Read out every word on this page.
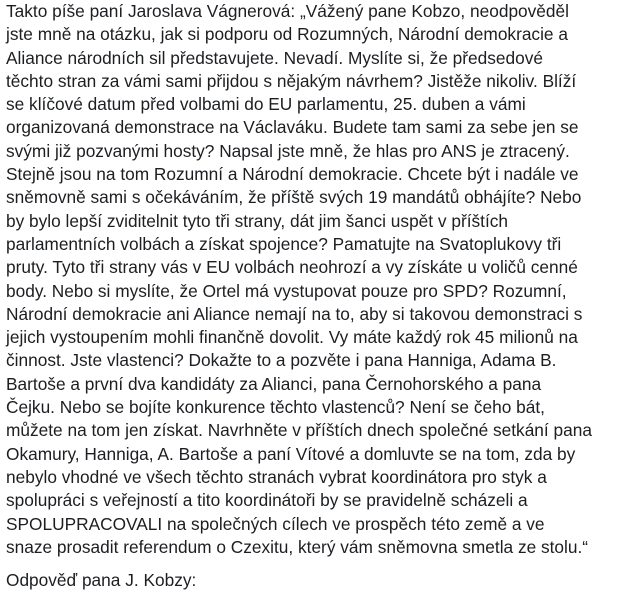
Takto píše paní Jaroslava Vágnerová: „Vážený pane Kobzo, neodpověděl
jste mně na otázku, jak si podporu od Rozumných, Národní demokracie a
Aliance národních sil představujete. Nevadí. Myslíte si, že předsedové
těchto stran za vámi sami přijdou s nějakým návrhem? Jistěže nikoliv. Blíží
se klíčové datum před volbami do EU parlamentu, 25. duben a vámi
organizovaná demonstrace na Václaváku. Budete tam sami za sebe jen se
svými již pozvanými hosty? Napsal jste mně, že hlas pro ANS je ztracený.
Stejně jsou na tom Rozumní a Národní demokracie. Chcete být i nadále ve
sněmovně sami s očekáváním, že příště svých 19 mandátů obhájíte? Nebo
by bylo lepší zviditelnit tyto tři strany, dát jim šanci uspět v příštích
parlamentních volbách a získat spojence? Pamatujte na Svatoplukovy tři
pruty. Tyto tři strany vás v EU volbách neohrozí a vy získáte u voličů cenné
body. Nebo si myslíte, že Ortel má vystupovat pouze pro SPD? Rozumní,
Národní demokracie ani Aliance nemají na to, aby si takovou demonstraci s
jejich vystoupením mohli finančně dovolit. Vy máte každý rok 45 milionů na
činnost. Jste vlastenci? Dokažte to a pozvěte i pana Hanniga, Adama B.
Bartoše a první dva kandidáty za Alianci, pana Černohorského a pana
Čejku. Nebo se bojíte konkurence těchto vlastenců? Není se čeho bát,
můžete na tom jen získat. Navrhněte v příštích dnech společné setkání pana
Okamury, Hanniga, A. Bartoše a paní Vítové a domluvte se na tom, zda by
nebylo vhodné ve všech těchto stranách vybrat koordinátora pro styk a
spolupráci s veřejností a tito koordinátoři by se pravidelně scházeli a
SPOLUPRACOVALI na společných cílech ve prospěch této země a ve
snaze prosadit referendum o Czexitu, který vám sněmovna smetla ze stolu.“
Odpověď pana J. Kobzy:
